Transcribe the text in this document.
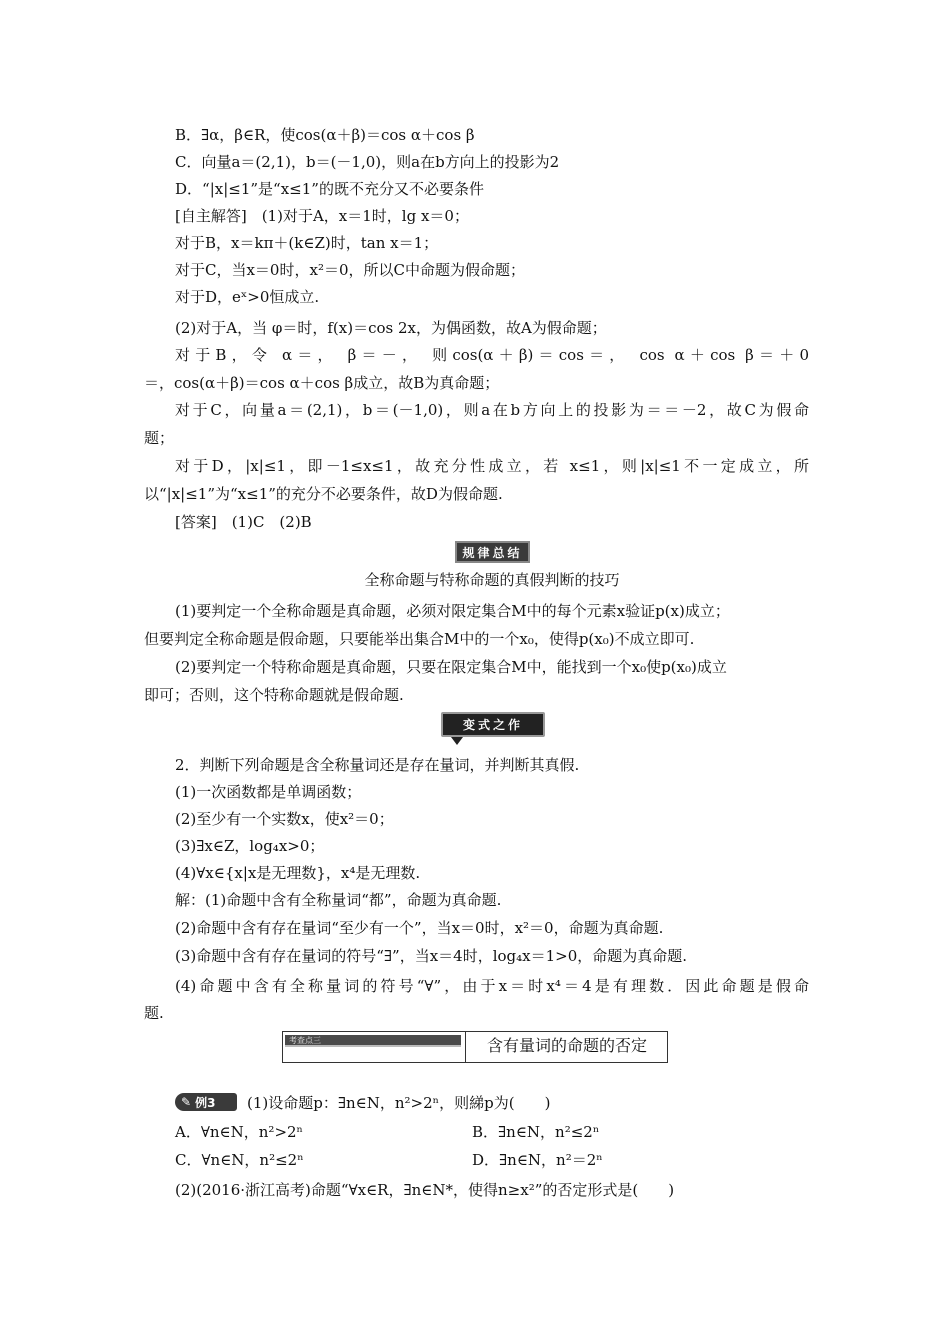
B．∃α，β∈R，使cos(α＋β)＝cos α＋cos β
C．向量a＝(2,1)，b＝(－1,0)，则a在b方向上的投影为2
D．“|x|≤1”是“x≤1”的既不充分又不必要条件
[自主解答]　(1)对于A，x＝1时，lg x＝0；
对于B，x＝kπ＋(k∈Z)时，tan x＝1；
对于C，当x＝0时，x²＝0，所以C中命题为假命题；
对于D，eˣ>0恒成立.
(2)对于A，当 φ＝时，f(x)＝cos 2x，为偶函数，故A为假命题；
对于B，令 α＝， β＝－， 则cos(α＋β)＝cos＝， cos α＋cos β＝＋0
＝，cos(α＋β)＝cos α＋cos β成立，故B为真命题；
对于C，向量a＝(2,1)，b＝(－1,0)，则a在b方向上的投影为＝＝－2，故C为假命
题；
对于D，|x|≤1，即－1≤x≤1，故充分性成立，若 x≤1，则|x|≤1不一定成立，所
以“|x|≤1”为“x≤1”的充分不必要条件，故D为假命题.
[答案]　(1)C　(2)B
规律总结
全称命题与特称命题的真假判断的技巧
(1)要判定一个全称命题是真命题，必须对限定集合M中的每个元素x验证p(x)成立；
但要判定全称命题是假命题，只要能举出集合M中的一个x₀，使得p(x₀)不成立即可.
(2)要判定一个特称命题是真命题，只要在限定集合M中，能找到一个x₀使p(x₀)成立
即可；否则，这个特称命题就是假命题.
变式之作
2．判断下列命题是含全称量词还是存在量词，并判断其真假.
(1)一次函数都是单调函数；
(2)至少有一个实数x，使x²＝0；
(3)∃x∈Z，log₄x>0；
(4)∀x∈{x|x是无理数}，x⁴是无理数.
解：(1)命题中含有全称量词“都”，命题为真命题.
(2)命题中含有存在量词“至少有一个”，当x＝0时，x²＝0，命题为真命题.
(3)命题中含有存在量词的符号“∃”，当x＝4时，log₄x＝1>0，命题为真命题.
(4)命题中含有全称量词的符号“∀”，由于x＝时x⁴＝4是有理数．因此命题是假命
题.
考查点三	含有量词的命题的否定
✎ 例3 (1)设命题p：∃n∈N，n²>2ⁿ，则綈p为(　　)
A．∀n∈N，n²>2ⁿ	B．∃n∈N，n²≤2ⁿ
C．∀n∈N，n²≤2ⁿ	D．∃n∈N，n²＝2ⁿ
(2)(2016·浙江高考)命题“∀x∈R，∃n∈N*，使得n≥x²”的否定形式是(　　)
